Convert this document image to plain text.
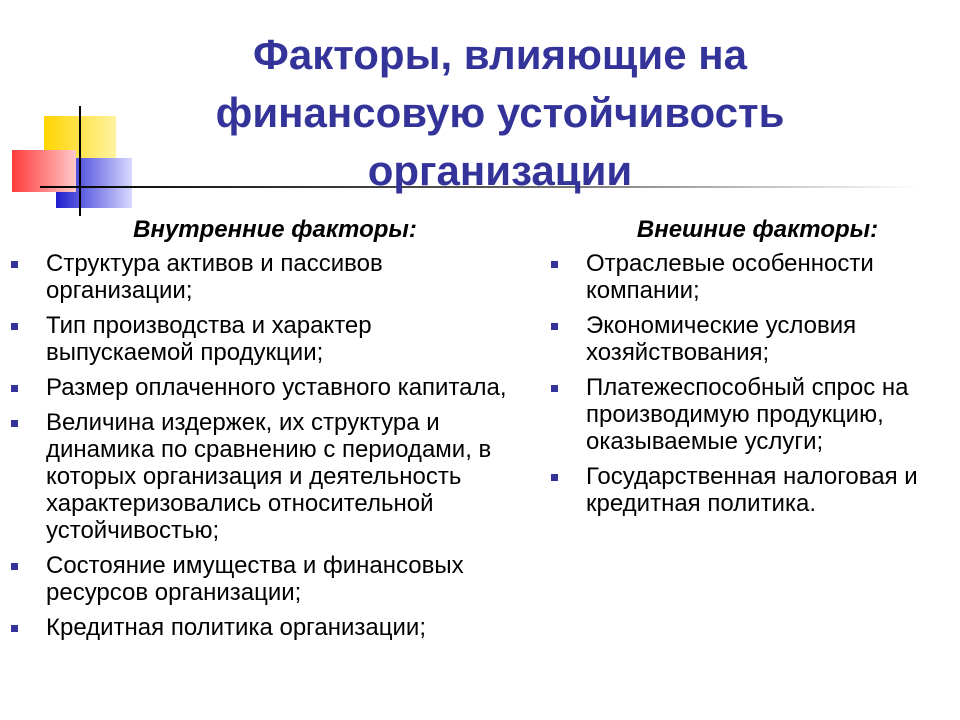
Факторы, влияющие на финансовую устойчивость организации

Внутренние факторы:

Структура активов и пассивов организации;
Тип производства и характер выпускаемой продукции;
Размер оплаченного уставного капитала,
Величина издержек, их структура и динамика по сравнению с периодами, в которых организация и деятельность характеризовались относительной устойчивостью;
Состояние имущества и финансовых ресурсов организации;
Кредитная политика организации;

Внешние факторы:

Отраслевые особенности компании;
Экономические условия хозяйствования;
Платежеспособный спрос на производимую продукцию, оказываемые услуги;
Государственная налоговая и кредитная политика.
